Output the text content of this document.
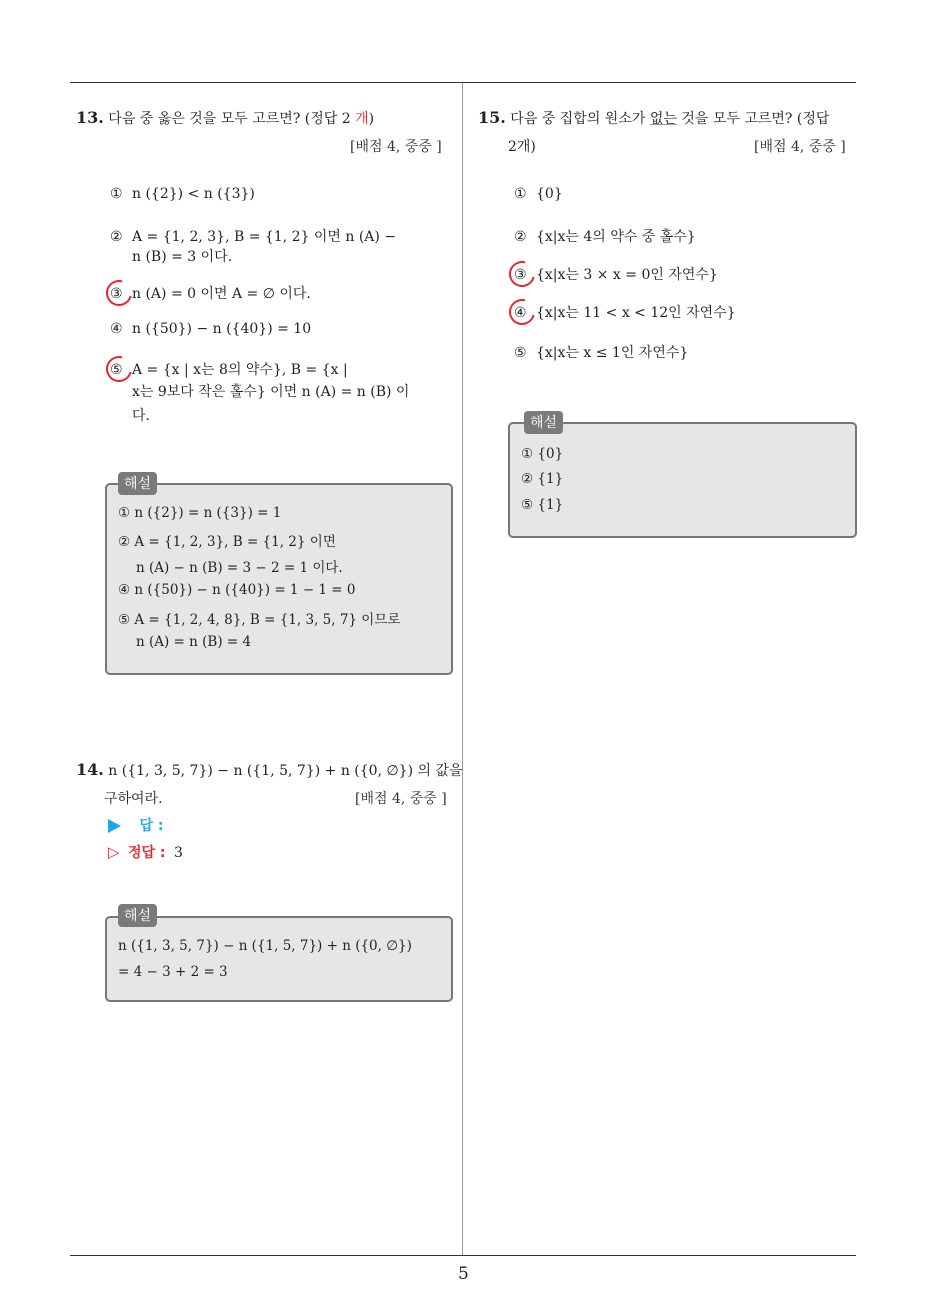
13. 다음 중 옳은 것을 모두 고르면? (정답 2 개)
[배점 4, 중중 ]
① n ({2}) < n ({3})
② A = {1, 2, 3}, B = {1, 2} 이면 n (A) −
n (B) = 3 이다.
③ n (A) = 0 이면 A = ∅ 이다.
④ n ({50}) − n ({40}) = 10
⑤ A = {x | x는 8의 약수}, B = {x |
x는 9보다 작은 홀수} 이면 n (A) = n (B) 이
다.
해설
① n ({2}) = n ({3}) = 1
② A = {1, 2, 3}, B = {1, 2} 이면
n (A) − n (B) = 3 − 2 = 1 이다.
④ n ({50}) − n ({40}) = 1 − 1 = 0
⑤ A = {1, 2, 4, 8}, B = {1, 3, 5, 7} 이므로
n (A) = n (B) = 4
14. n ({1, 3, 5, 7}) − n ({1, 5, 7}) + n ({0, ∅}) 의 값을
구하여라.	[배점 4, 중중 ]
답 :
▷ 정답 : 3
해설
n ({1, 3, 5, 7}) − n ({1, 5, 7}) + n ({0, ∅})
= 4 − 3 + 2 = 3
15. 다음 중 집합의 원소가 없는 것을 모두 고르면? (정답
2개)	[배점 4, 중중 ]
① {0}
② {x|x는 4의 약수 중 홀수}
③ {x|x는 3 × x = 0인 자연수}
④ {x|x는 11 < x < 12인 자연수}
⑤ {x|x는 x ≤ 1인 자연수}
해설
① {0}
② {1}
⑤ {1}
5
